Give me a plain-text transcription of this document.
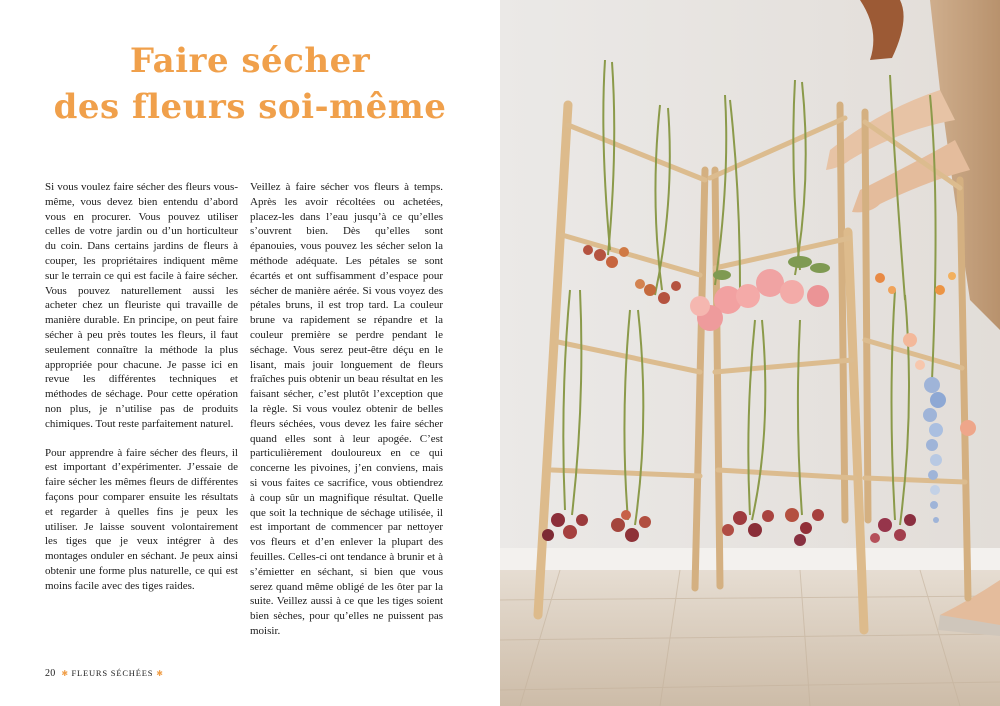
Faire sécher
des fleurs soi-même

Si vous voulez faire sécher des fleurs vous-même, vous devez bien entendu d’abord vous en procurer. Vous pouvez utiliser celles de votre jardin ou d’un horticulteur du coin. Dans certains jardins de fleurs à couper, les propriétaires indiquent même sur le terrain ce qui est facile à faire sécher. Vous pouvez naturellement aussi les acheter chez un fleuriste qui travaille de manière durable. En principe, on peut faire sécher à peu près toutes les fleurs, il faut seulement connaître la méthode la plus appropriée pour chacune. Je passe ici en revue les différentes techniques et méthodes de séchage. Pour cette opération non plus, je n’utilise pas de produits chimiques. Tout reste parfaitement naturel.

Pour apprendre à faire sécher des fleurs, il est important d’expérimenter. J’essaie de faire sécher les mêmes fleurs de différentes façons pour comparer ensuite les résultats et regarder à quelles fins je peux les utiliser. Je laisse souvent volontairement les tiges que je veux intégrer à des montages onduler en séchant. Je peux ainsi obtenir une forme plus naturelle, ce qui est moins facile avec des tiges raides.

Veillez à faire sécher vos fleurs à temps. Après les avoir récoltées ou achetées, placez-les dans l’eau jusqu’à ce qu’elles s’ouvrent bien. Dès qu’elles sont épanouies, vous pouvez les sécher selon la méthode adéquate. Les pétales se sont écartés et ont suffisamment d’espace pour sécher de manière aérée. Si vous voyez des pétales bruns, il est trop tard. La couleur brune va rapidement se répandre et la couleur première se perdre pendant le séchage. Vous serez peut-être déçu en le lisant, mais jouir longuement de fleurs fraîches puis obtenir un beau résultat en les faisant sécher, c’est plutôt l’exception que la règle. Si vous voulez obtenir de belles fleurs séchées, vous devez les faire sécher quand elles sont à leur apogée. C’est particulièrement douloureux en ce qui concerne les pivoines, j’en conviens, mais si vous faites ce sacrifice, vous obtiendrez à coup sûr un magnifique résultat. Quelle que soit la technique de séchage utilisée, il est important de commencer par nettoyer vos fleurs et d’en enlever la plupart des feuilles. Celles-ci ont tendance à brunir et à s’émietter en séchant, si bien que vous serez quand même obligé de les ôter par la suite. Veillez aussi à ce que les tiges soient bien sèches, pour qu’elles ne puissent pas moisir.

20 ✱ FLEURS SÉCHÉES ✱
